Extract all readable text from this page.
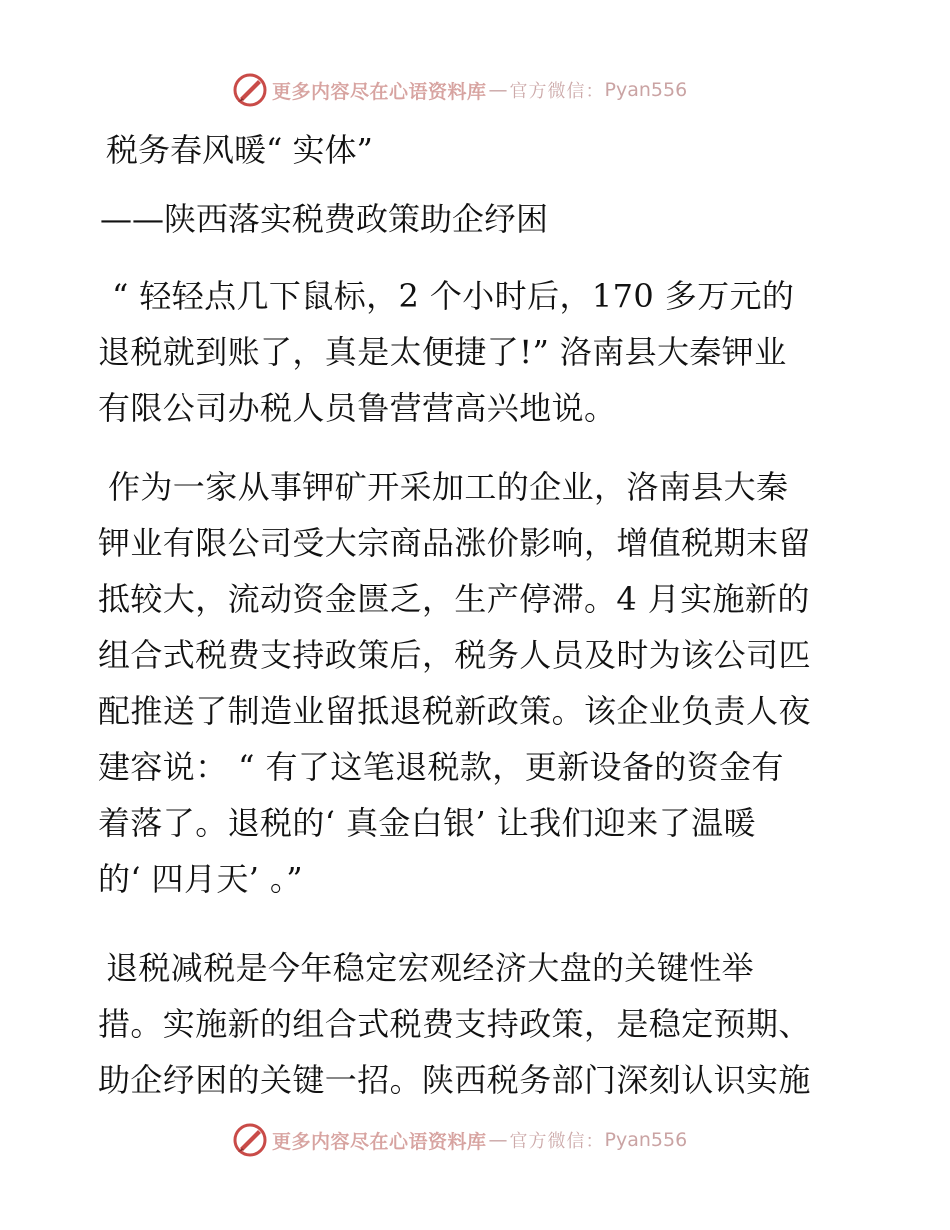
更多内容尽在心语资料库 — 官方微信： Pyan556
税务春风暖“ 实体”
——陕西落实税费政策助企纾困
“ 轻轻点几下鼠标，2 个小时后，170 多万元的
退税就到账了，真是太便捷了!” 洛南县大秦钾业
有限公司办税人员鲁营营高兴地说。
作为一家从事钾矿开采加工的企业，洛南县大秦
钾业有限公司受大宗商品涨价影响，增值税期末留
抵较大，流动资金匮乏，生产停滞。4 月实施新的
组合式税费支持政策后，税务人员及时为该公司匹
配推送了制造业留抵退税新政策。该企业负责人夜
建容说： “ 有了这笔退税款，更新设备的资金有
着落了。退税的‘ 真金白银’ 让我们迎来了温暖
的‘ 四月天’ 。”
退税减税是今年稳定宏观经济大盘的关键性举
措。实施新的组合式税费支持政策，是稳定预期、
助企纾困的关键一招。陕西税务部门深刻认识实施
更多内容尽在心语资料库 — 官方微信： Pyan556
